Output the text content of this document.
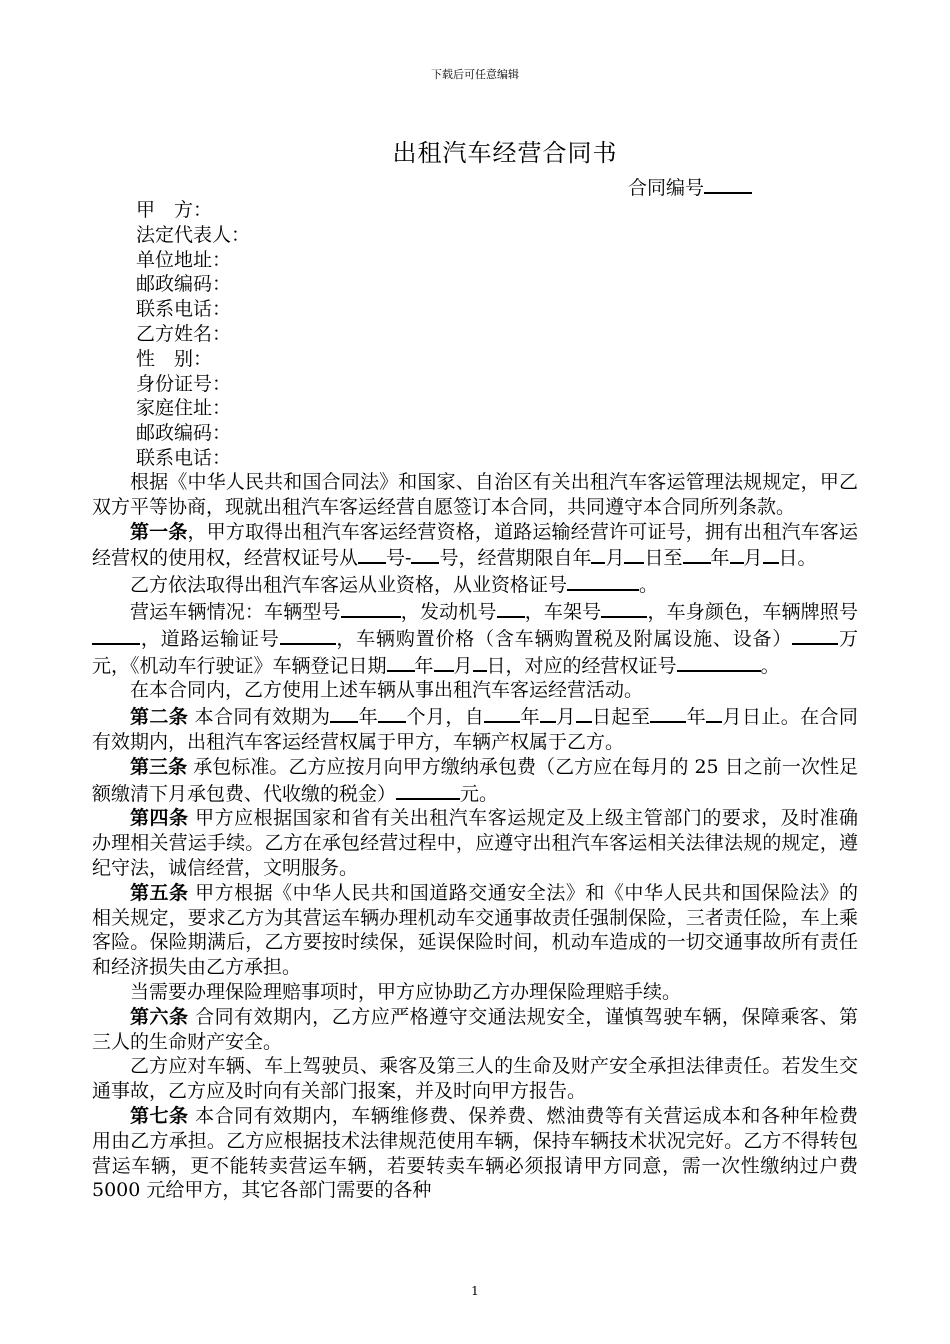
下载后可任意编辑
出租汽车经营合同书
合同编号
甲　方：
法定代表人：
单位地址：
邮政编码：
联系电话：
乙方姓名：
性　别：
身份证号：
家庭住址：
邮政编码：
联系电话：

根据《中华人民共和国合同法》和国家、自治区有关出租汽车客运管理法规规定，甲乙双方平等协商，现就出租汽车客运经营自愿签订本合同，共同遵守本合同所列条款。

第一条，甲方取得出租汽车客运经营资格，道路运输经营许可证号，拥有出租汽车客运经营权的使用权，经营权证号从 号- 号，经营期限自年 月 日至 年 月 日。

乙方依法取得出租汽车客运从业资格，从业资格证号	。

营运车辆情况：车辆型号	，发动机号 ，车架号 ，车身颜色，车辆牌照号，道路运输证号	，车辆购置价格（含车辆购置税及附属设施、设备） 万元，《机动车行驶证》车辆登记日期 年 月 日，对应的经营权证号	。

在本合同内，乙方使用上述车辆从事出租汽车客运经营活动。

第二条 本合同有效期为 年 个月，自 年 月 日起至 年 月日止。在合同有效期内，出租汽车客运经营权属于甲方，车辆产权属于乙方。

第三条 承包标准。乙方应按月向甲方缴纳承包费（乙方应在每月的 25 日之前一次性足额缴清下月承包费、代收缴的税金）	元。

第四条 甲方应根据国家和省有关出租汽车客运规定及上级主管部门的要求，及时准确办理相关营运手续。乙方在承包经营过程中，应遵守出租汽车客运相关法律法规的规定，遵纪守法，诚信经营，文明服务。

第五条 甲方根据《中华人民共和国道路交通安全法》和《中华人民共和国保险法》的相关规定，要求乙方为其营运车辆办理机动车交通事故责任强制保险，三者责任险，车上乘客险。保险期满后，乙方要按时续保，延误保险时间，机动车造成的一切交通事故所有责任和经济损失由乙方承担。

当需要办理保险理赔事项时，甲方应协助乙方办理保险理赔手续。

第六条 合同有效期内，乙方应严格遵守交通法规安全，谨慎驾驶车辆，保障乘客、第三人的生命财产安全。

乙方应对车辆、车上驾驶员、乘客及第三人的生命及财产安全承担法律责任。若发生交通事故，乙方应及时向有关部门报案，并及时向甲方报告。

第七条 本合同有效期内，车辆维修费、保养费、燃油费等有关营运成本和各种年检费用由乙方承担。乙方应根据技术法律规范使用车辆，保持车辆技术状况完好。乙方不得转包营运车辆，更不能转卖营运车辆，若要转卖车辆必须报请甲方同意，需一次性缴纳过户费 5000 元给甲方，其它各部门需要的各种

1
